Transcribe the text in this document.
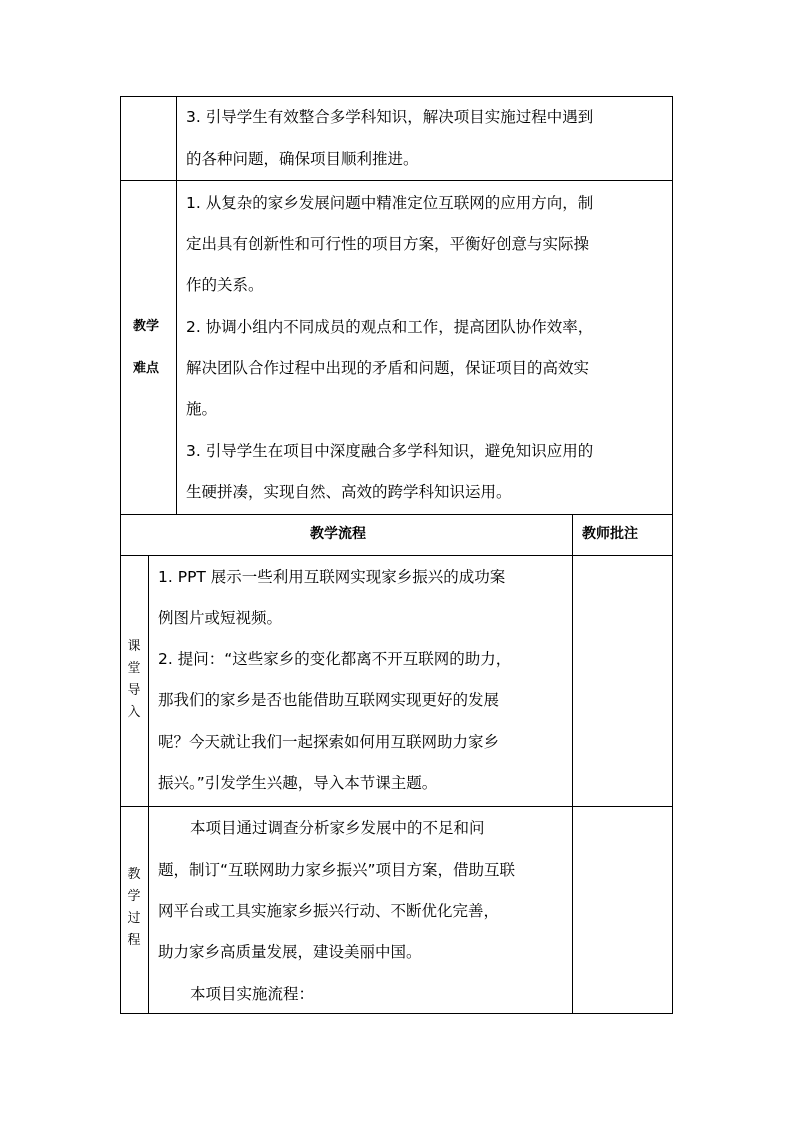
3. 引导学生有效整合多学科知识，解决项目实施过程中遇到
的各种问题，确保项目顺利推进。
教学
难点
1. 从复杂的家乡发展问题中精准定位互联网的应用方向，制
定出具有创新性和可行性的项目方案，平衡好创意与实际操
作的关系。
2. 协调小组内不同成员的观点和工作，提高团队协作效率，
解决团队合作过程中出现的矛盾和问题，保证项目的高效实
施。
3. 引导学生在项目中深度融合多学科知识，避免知识应用的
生硬拼凑，实现自然、高效的跨学科知识运用。
教学流程	教师批注
课
堂
导
入
1. PPT 展示一些利用互联网实现家乡振兴的成功案
例图片或短视频。
2. 提问：“这些家乡的变化都离不开互联网的助力，
那我们的家乡是否也能借助互联网实现更好的发展
呢？今天就让我们一起探索如何用互联网助力家乡
振兴。”引发学生兴趣，导入本节课主题。
教
学
过
程
本项目通过调查分析家乡发展中的不足和问
题，制订“互联网助力家乡振兴”项目方案，借助互联
网平台或工具实施家乡振兴行动、不断优化完善，
助力家乡高质量发展，建设美丽中国。
本项目实施流程：
